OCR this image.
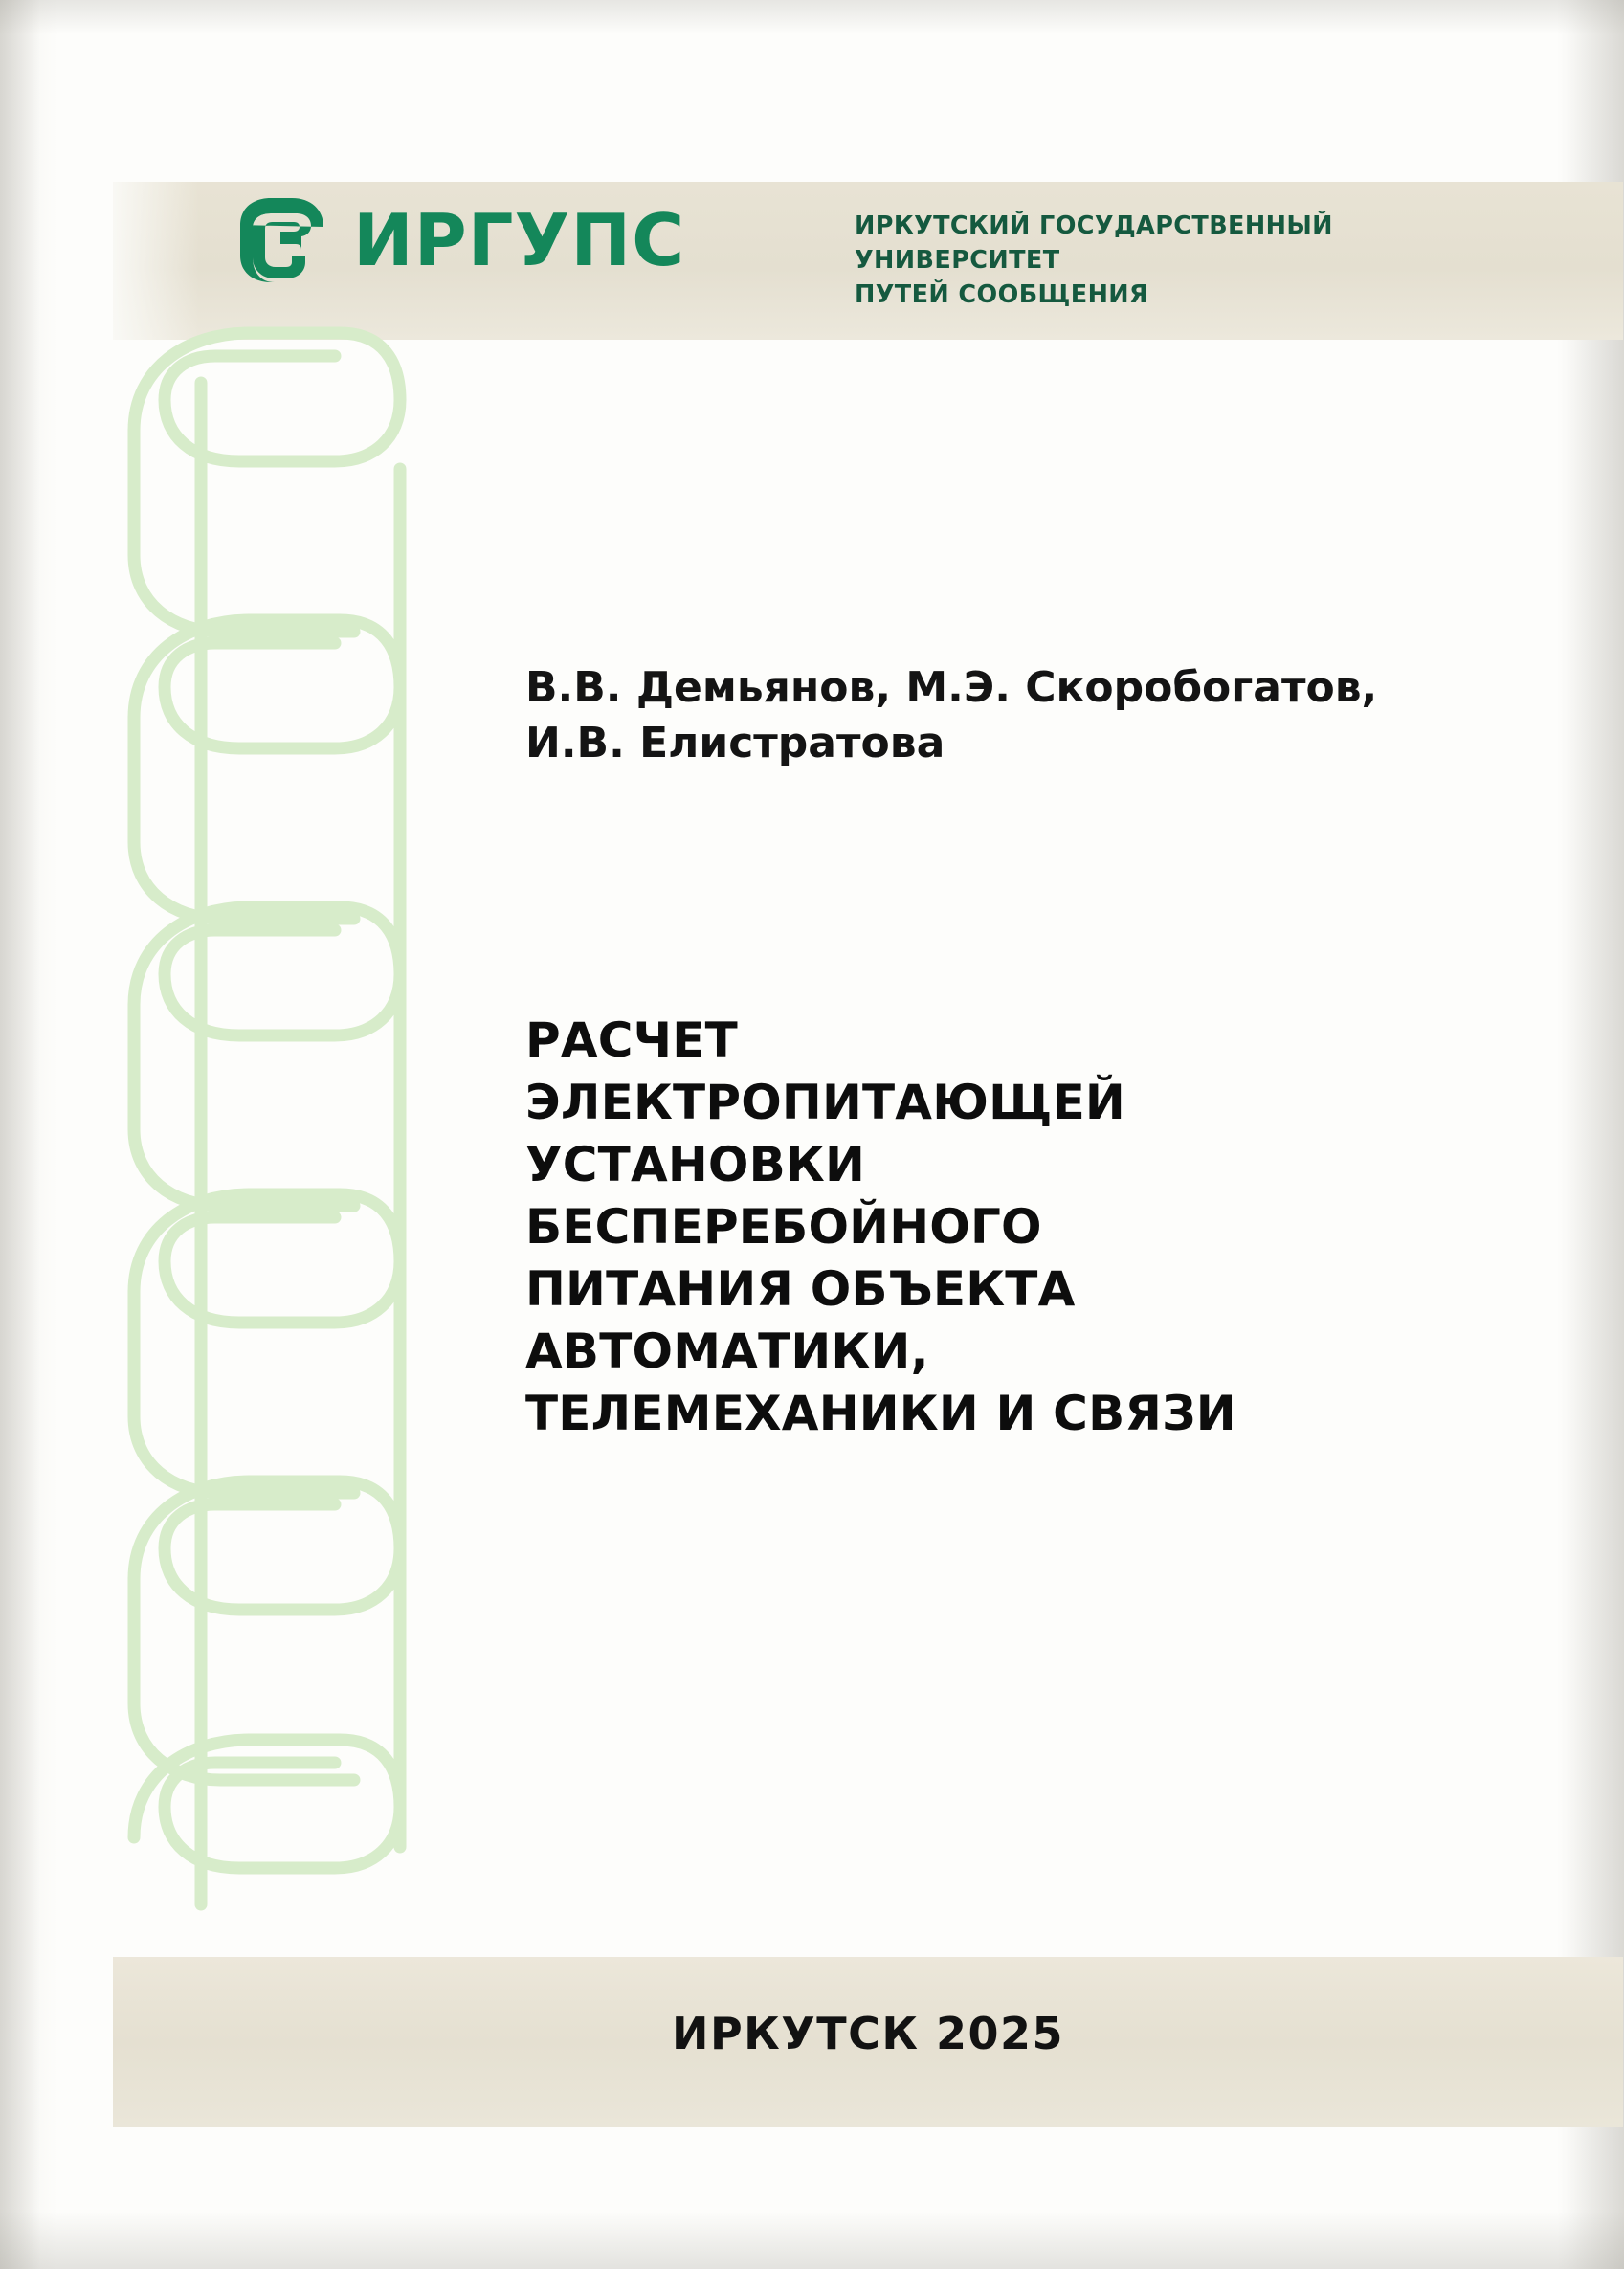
ИРГУПС	ИРКУТСКИЙ ГОСУДАРСТВЕННЫЙ
УНИВЕРСИТЕТ
ПУТЕЙ СООБЩЕНИЯ
В.В. Демьянов, М.Э. Скоробогатов,
И.В. Елистратова
РАСЧЕТ
ЭЛЕКТРОПИТАЮЩЕЙ
УСТАНОВКИ
БЕСПЕРЕБОЙНОГО
ПИТАНИЯ ОБЪЕКТА
АВТОМАТИКИ,
ТЕЛЕМЕХАНИКИ И СВЯЗИ
ИРКУТСК 2025
